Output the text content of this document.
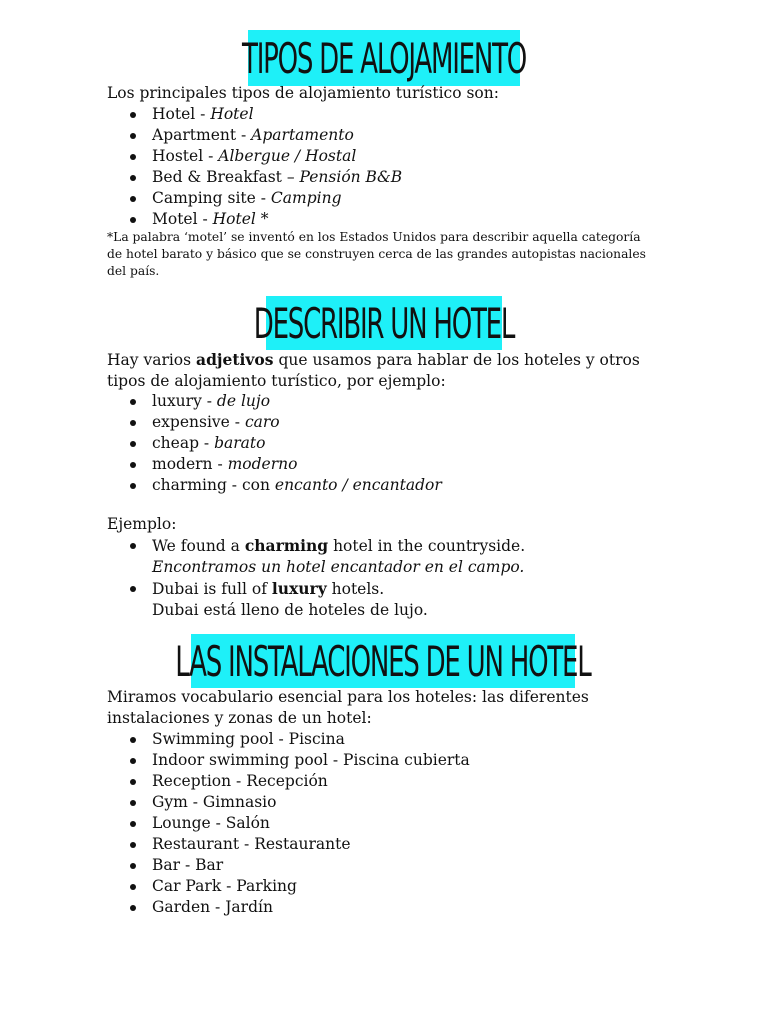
TIPOS DE ALOJAMIENTO
Los principales tipos de alojamiento turístico son:
Hotel - Hotel
Apartment - Apartamento
Hostel - Albergue / Hostal
Bed & Breakfast – Pensión B&B
Camping site - Camping
Motel - Hotel *
*La palabra ‘motel’ se inventó en los Estados Unidos para describir aquella categoría
de hotel barato y básico que se construyen cerca de las grandes autopistas nacionales
del país.
DESCRIBIR UN HOTEL
Hay varios adjetivos que usamos para hablar de los hoteles y otros
tipos de alojamiento turístico, por ejemplo:
luxury - de lujo
expensive - caro
cheap - barato
modern - moderno
charming - con encanto / encantador
Ejemplo:
We found a charming hotel in the countryside.
Encontramos un hotel encantador en el campo.
Dubai is full of luxury hotels.
Dubai está lleno de hoteles de lujo.
LAS INSTALACIONES DE UN HOTEL
Miramos vocabulario esencial para los hoteles: las diferentes
instalaciones y zonas de un hotel:
Swimming pool - Piscina
Indoor swimming pool - Piscina cubierta
Reception - Recepción
Gym - Gimnasio
Lounge - Salón
Restaurant - Restaurante
Bar - Bar
Car Park - Parking
Garden - Jardín
